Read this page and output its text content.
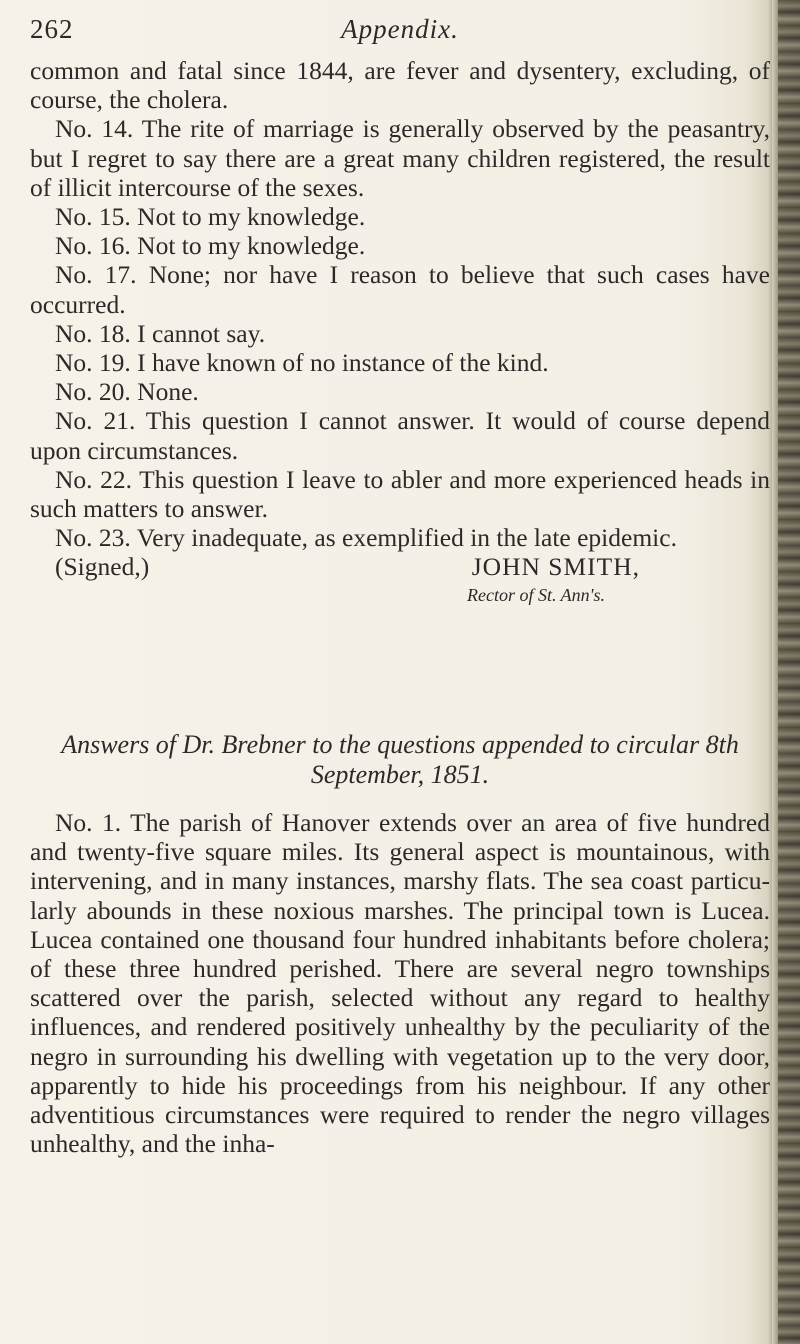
262	Appendix.

common and fatal since 1844, are fever and dysentery, excluding, of course, the cholera.

No. 14. The rite of marriage is generally observed by the peasantry, but I regret to say there are a great many children registered, the result of illicit intercourse of the sexes.

No. 15. Not to my knowledge.

No. 16. Not to my knowledge.

No. 17. None; nor have I reason to believe that such cases have occurred.

No. 18. I cannot say.

No. 19. I have known of no instance of the kind.

No. 20. None.

No. 21. This question I cannot answer. It would of course depend upon circumstances.

No. 22. This question I leave to abler and more experienced heads in such matters to answer.

No. 23. Very inadequate, as exemplified in the late epidemic.

(Signed,)	JOHN SMITH,

Rector of St. Ann's.

Answers of Dr. Brebner to the questions appended to circular 8th September, 1851.

No. 1. The parish of Hanover extends over an area of five hundred and twenty-five square miles. Its general aspect is mountainous, with intervening, and in many instances, marshy flats. The sea coast particularly abounds in these noxious marshes. The principal town is Lucea. Lucea contained one thousand four hundred inhabitants before cholera; of these three hundred perished. There are several negro townships scattered over the parish, selected without any regard to healthy influences, and rendered positively unhealthy by the peculiarity of the negro in surrounding his dwelling with vegetation up to the very door, apparently to hide his proceedings from his neighbour. If any other adventitious circumstances were required to render the negro villages unhealthy, and the inha-
